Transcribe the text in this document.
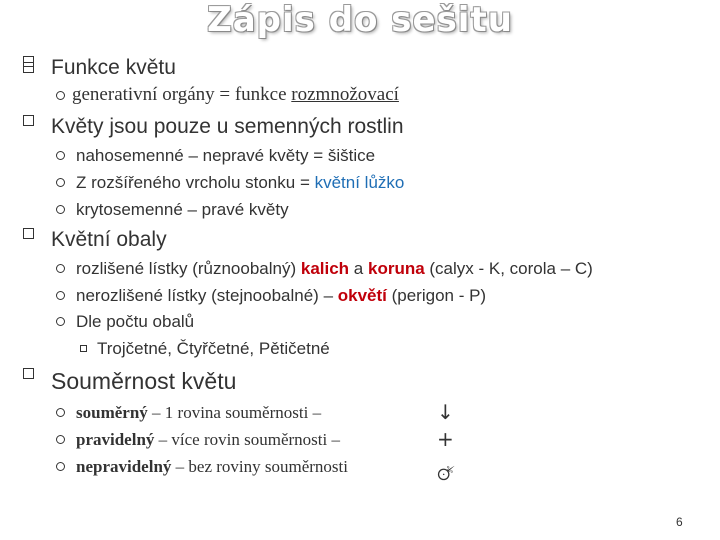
Zápis do sešitu
Funkce květu
generativní orgány = funkce rozmnožovací
Květy jsou pouze u semenných rostlin
nahosemenné – nepravé květy = šištice
Z rozšířeného vrcholu stonku = květní lůžko
krytosemenné – pravé květy
Květní obaly
rozlišené lístky (různoobalný) kalich a koruna (calyx - K, corola – C)
nerozlišené lístky (stejnoobalné) – okvětí (perigon - P)
Dle počtu obalů
Trojčetné, Čtyřčetné, Pětičetné
Souměrnost květu
souměrný – 1 rovina souměrnosti –
pravidelný – více rovin souměrnosti –
nepravidelný – bez roviny souměrnosti
↓
+
🜚
6
